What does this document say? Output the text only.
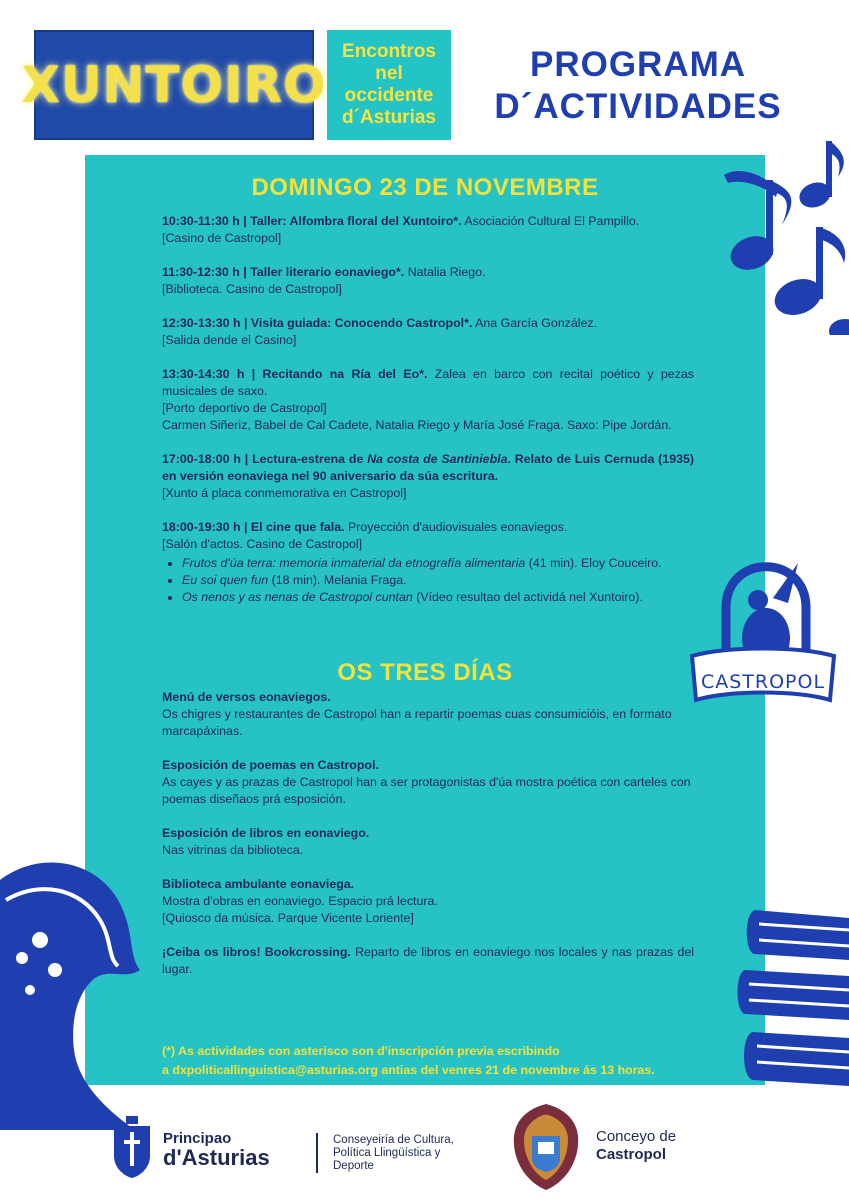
XUNTOIRO
Encontros
nel
occidente
d´Asturias
PROGRAMA
D´ACTIVIDADES
CASTROPOL
DOMINGO 23 DE NOVEMBRE

10:30-11:30 h | Taller: Alfombra floral del Xuntoiro*. Asociación Cultural El Pampillo.

[Casino de Castropol]

11:30-12:30 h | Taller literario eonaviego*. Natalia Riego.

[Biblioteca. Casino de Castropol]

12:30-13:30 h | Visita guiada: Conocendo Castropol*. Ana García González.

[Salida dende el Casino]

13:30-14:30 h | Recitando na Ría del Eo*. Zalea en barco con recital poético y pezas musicales de saxo.

[Porto deportivo de Castropol]

Carmen Siñeriz, Babel de Cal Cadete, Natalia Riego y María José Fraga. Saxo: Pipe Jordán.

17:00-18:00 h | Lectura-estrena de Na costa de Santiniebla. Relato de Luis Cernuda (1935) en versión eonaviega nel 90 aniversario da súa escritura.

[Xunto á placa conmemorativa en Castropol]

18:00-19:30 h | El cine que fala. Proyección d'audiovisuales eonaviegos.

[Salón d'actos. Casino de Castropol]

• Frutos d'úa terra: memoria inmaterial da etnografía alimentaria (41 min). Eloy Couceiro.
• Eu soi quen fun (18 min). Melania Fraga.
• Os nenos y as nenas de Castropol cuntan (Vídeo resultao del actividá nel Xuntoiro).
OS TRES DÍAS

Menú de versos eonaviegos.

Os chigres y restaurantes de Castropol han a repartir poemas cuas consumicióis, en formato marcapáxinas.

Esposición de poemas en Castropol.

As cayes y as prazas de Castropol han a ser protagonistas d'úa mostra poética con carteles con poemas diseñaos prá esposición.

Esposición de libros en eonaviego.

Nas vitrinas da biblioteca.

Biblioteca ambulante eonaviega.

Mostra d'obras en eonaviego. Espacio prá lectura.

[Quiosco da música. Parque Vicente Loriente]

¡Ceiba os libros! Bookcrossing. Reparto de libros en eonaviego nos locales y nas prazas del lugar.

(*) As actividades con asterisco son d'inscripción previa escribindo
a dxpoliticallinguistica@asturias.org antias del venres 21 de novembre ás 13 horas.
Principao
d'Asturias
Conseyeiría de Cultura,
Política Llingüística y
Deporte
Conceyo de
Castropol
